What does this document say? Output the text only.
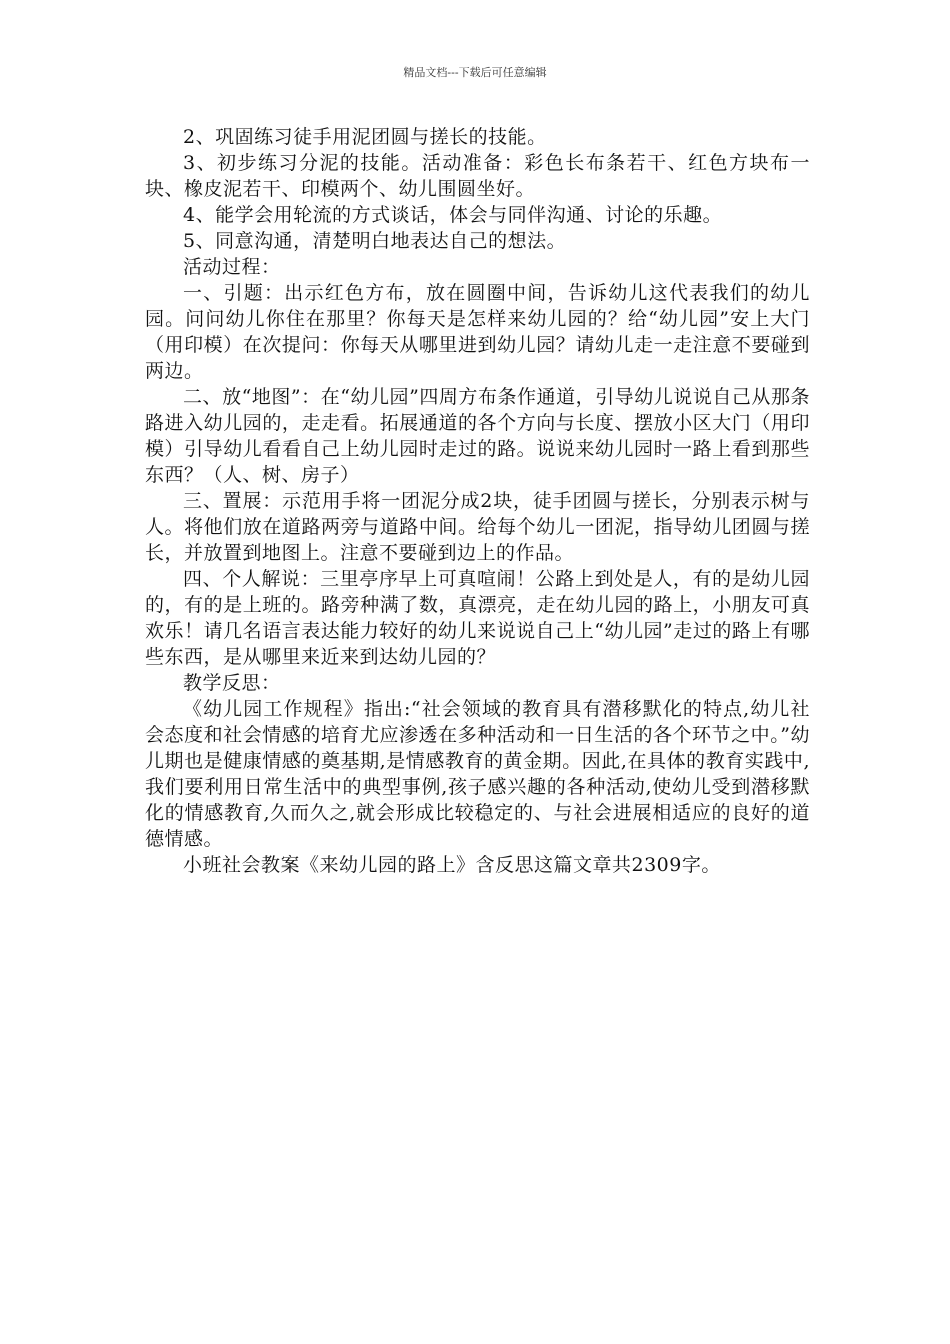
精品文档---下载后可任意编辑

2、巩固练习徒手用泥团圆与搓长的技能。

3、初步练习分泥的技能。活动准备：彩色长布条若干、红色方块布一块、橡皮泥若干、印模两个、幼儿围圆坐好。

4、能学会用轮流的方式谈话，体会与同伴沟通、讨论的乐趣。

5、同意沟通，清楚明白地表达自己的想法。

活动过程：

一、引题：出示红色方布，放在圆圈中间，告诉幼儿这代表我们的幼儿园。问问幼儿你住在那里？你每天是怎样来幼儿园的？给“幼儿园”安上大门（用印模）在次提问：你每天从哪里进到幼儿园？请幼儿走一走注意不要碰到两边。

二、放“地图”：在“幼儿园”四周方布条作通道，引导幼儿说说自己从那条路进入幼儿园的，走走看。拓展通道的各个方向与长度、摆放小区大门（用印模）引导幼儿看看自己上幼儿园时走过的路。说说来幼儿园时一路上看到那些东西？（人、树、房子）

三、置展：示范用手将一团泥分成2块，徒手团圆与搓长，分别表示树与人。将他们放在道路两旁与道路中间。给每个幼儿一团泥，指导幼儿团圆与搓长，并放置到地图上。注意不要碰到边上的作品。

四、个人解说：三里亭序早上可真喧闹！公路上到处是人，有的是幼儿园的，有的是上班的。路旁种满了数，真漂亮，走在幼儿园的路上，小朋友可真欢乐！请几名语言表达能力较好的幼儿来说说自己上“幼儿园”走过的路上有哪些东西，是从哪里来近来到达幼儿园的？

教学反思：

《幼儿园工作规程》指出:“社会领域的教育具有潜移默化的特点,幼儿社会态度和社会情感的培育尤应渗透在多种活动和一日生活的各个环节之中。”幼儿期也是健康情感的奠基期,是情感教育的黄金期。因此,在具体的教育实践中,我们要利用日常生活中的典型事例,孩子感兴趣的各种活动,使幼儿受到潜移默化的情感教育,久而久之,就会形成比较稳定的、与社会进展相适应的良好的道德情感。

小班社会教案《来幼儿园的路上》含反思这篇文章共2309字。
